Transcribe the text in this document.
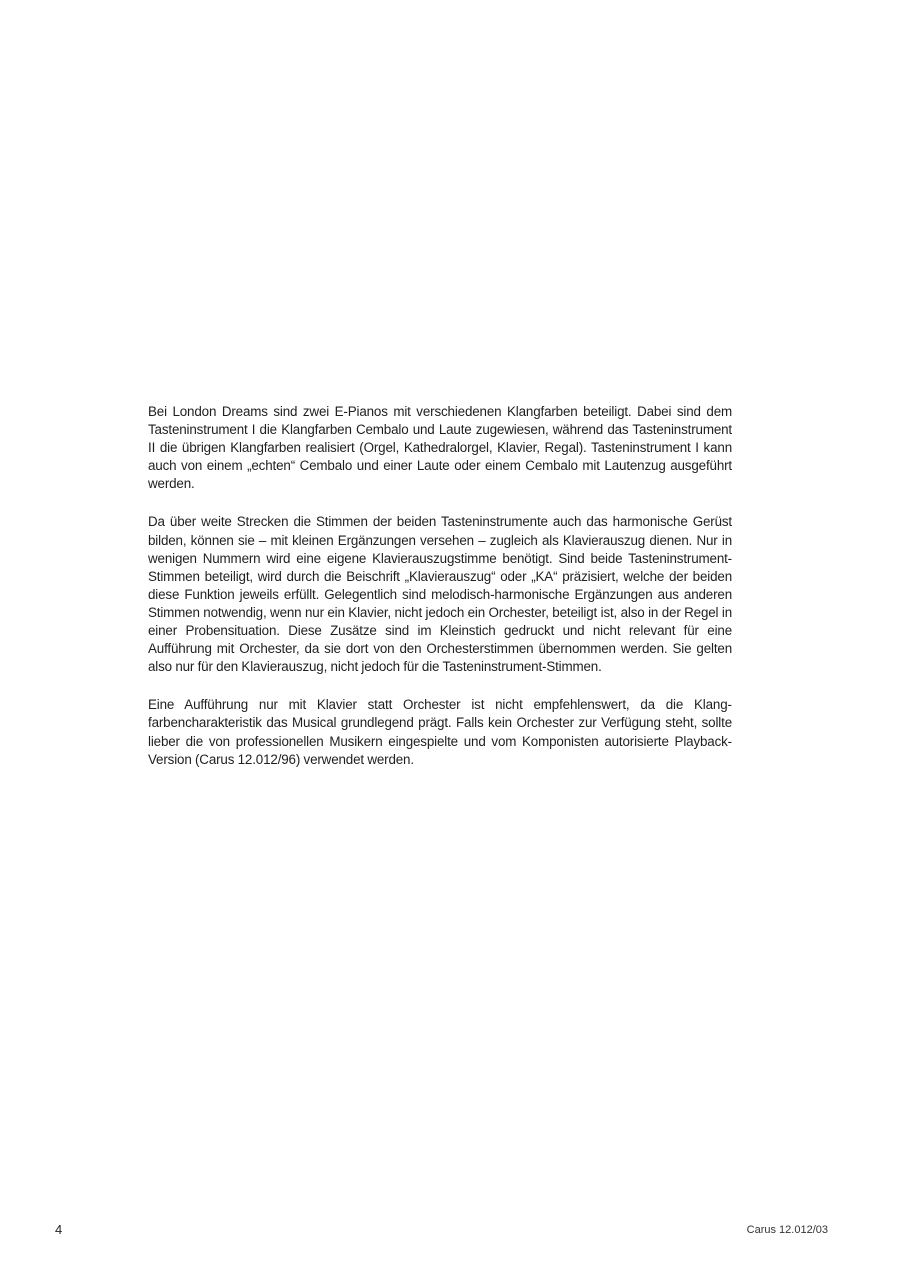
Bei London Dreams sind zwei E-Pianos mit verschiedenen Klangfarben beteiligt. Dabei sind dem Tasteninstrument I die Klangfarben Cembalo und Laute zugewiesen, während das Tasteninstrument II die übrigen Klangfarben realisiert (Orgel, Kathedralorgel, Klavier, Regal). Tasteninstrument I kann auch von einem „echten“ Cembalo und einer Laute oder einem Cembalo mit Lautenzug ausgeführt werden.

Da über weite Strecken die Stimmen der beiden Tasteninstrumente auch das harmonische Gerüst bilden, können sie – mit kleinen Ergänzungen versehen – zugleich als Klavierauszug dienen. Nur in wenigen Nummern wird eine eigene Klavierauszugstimme benötigt. Sind beide Tasteninstrument-Stimmen beteiligt, wird durch die Beischrift „Klavierauszug“ oder „KA“ präzisiert, welche der beiden diese Funktion jeweils erfüllt. Gelegentlich sind melodisch-harmonische Ergänzungen aus anderen Stimmen notwendig, wenn nur ein Klavier, nicht jedoch ein Orchester, beteiligt ist, also in der Regel in einer Probensituation. Diese Zusätze sind im Kleinstich gedruckt und nicht relevant für eine Aufführung mit Orchester, da sie dort von den Orchesterstimmen übernommen werden. Sie gelten also nur für den Klavierauszug, nicht jedoch für die Tasteninstrument-Stimmen.

Eine Aufführung nur mit Klavier statt Orchester ist nicht empfehlenswert, da die Klangfarbencharakteristik das Musical grundlegend prägt. Falls kein Orchester zur Verfügung steht, sollte lieber die von professionellen Musikern eingespielte und vom Komponisten autorisierte Playback-Version (Carus 12.012/96) verwendet werden.

4	Carus 12.012/03
